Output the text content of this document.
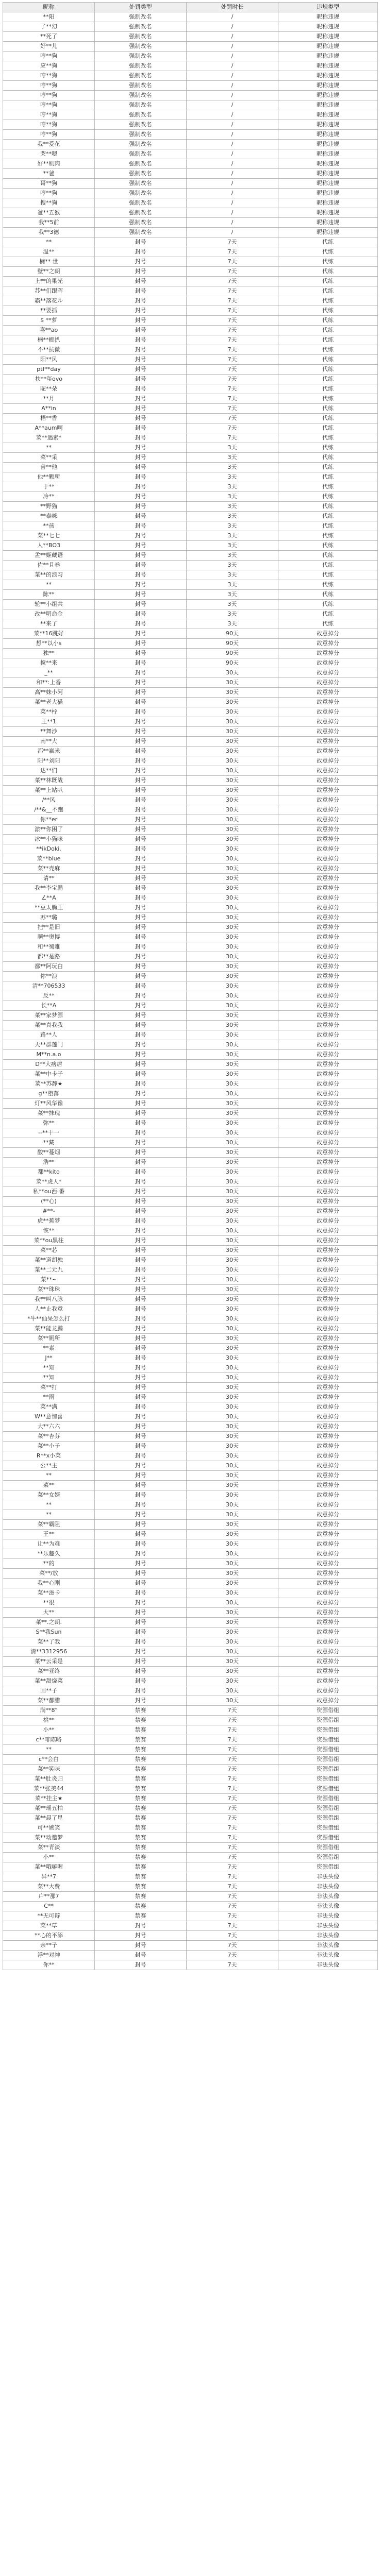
昵称	处罚类型	处罚时长	违规类型
**阳	强制改名	/	昵称违规
了**幻	强制改名	/	昵称违规
**死了	强制改名	/	昵称违规
好**儿	强制改名	/	昵称违规
哼**狗	强制改名	/	昵称违规
应**狗	强制改名	/	昵称违规
哼**狗	强制改名	/	昵称违规
哼**狗	强制改名	/	昵称违规
哼**狗	强制改名	/	昵称违规
哼**狗	强制改名	/	昵称违规
哼**狗	强制改名	/	昵称违规
哼**狗	强制改名	/	昵称违规
哼**狗	强制改名	/	昵称违规
我**爱花	强制改名	/	昵称违规
哭**嗯	强制改名	/	昵称违规
好**肌肉	强制改名	/	昵称违规
**爸	强制改名	/	昵称违规
哥**狗	强制改名	/	昵称违规
哼**狗	强制改名	/	昵称违规
搜**狗	强制改名	/	昵称违规
爸**五猴	强制改名	/	昵称违规
我**5前	强制改名	/	昵称违规
我**3德	强制改名	/	昵称违规
**	封号	7天	代练
温**	封号	7天	代练
楠** 世	封号	7天	代练
壁**之朗	封号	7天	代练
上**的果光	封号	7天	代练
苏**们跟晖	封号	7天	代练
霸**落花ル	封号	7天	代练
**要抓	封号	7天	代练
$ **萝	封号	7天	代练
喜**ao	封号	7天	代练
楠**棚扒	封号	7天	代练
不**抗微	封号	7天	代练
阳**风	封号	7天	代练
ptf**day	封号	7天	代练
扶**玺ovo	封号	7天	代练
昵**朵	封号	7天	代练
**月	封号	7天	代练
A**in	封号	7天	代练
梧**香	封号	7天	代练
A**aum啊	封号	7天	代练
菜**遇素*	封号	7天	代练
**	封号	3天	代练
菜**采	封号	3天	代练
曾**他	封号	3天	代练
他**颗所	封号	3天	代练
于**	封号	3天	代练
冷**	封号	3天	代练
**野猫	封号	3天	代练
**泰咪	封号	3天	代练
**孩	封号	3天	代练
菜**七七	封号	3天	代练
人**BO3	封号	3天	代练
孟**姬藏语	封号	3天	代练
佐**且卷	封号	3天	代练
菜**的浪习	封号	3天	代练
**	封号	3天	代练
陈**	封号	3天	代练
轮**小组共	封号	3天	代练
改**明命金	封号	3天	代练
**来了	封号	3天	代练
菜**16跳好	封号	90天	故意掉分
想**以小s	封号	90天	故意掉分
独**	封号	90天	故意掉分
搅**来	封号	90天	故意掉分
_**	封号	30天	故意掉分
和**:上香	封号	30天	故意掉分
高**妹小阿	封号	30天	故意掉分
菜**老大猫	封号	30天	故意掉分
菜**柠	封号	30天	故意掉分
王**1	封号	30天	故意掉分
**舞沙	封号	30天	故意掉分
南**大	封号	30天	故意掉分
都**赢米	封号	30天	故意掉分
阳**刘阳	封号	30天	故意掉分
达**们	封号	30天	故意掉分
菜**林既战	封号	30天	故意掉分
菜**上站叭	封号	30天	故意掉分
/**风	封号	30天	故意掉分
/**&__不跑	封号	30天	故意掉分
你**er	封号	30天	故意掉分
淤**你困了	封号	30天	故意掉分
冰**小猫咪	封号	30天	故意掉分
**ikDoki.	封号	30天	故意掉分
菜**blue	封号	30天	故意掉分
菜**壳麻	封号	30天	故意掉分
请**	封号	30天	故意掉分
我**李宝鹏	封号	30天	故意掉分
∠**A	封号	30天	故意掉分
**豆太腾王	封号	30天	故意掉分
苏**璐	封号	30天	故意掉分
把**是旧	封号	30天	故意掉分
顺**奥博	封号	30天	故意掉分
和**蜀雅	封号	30天	故意掉分
都**是路	封号	30天	故意掉分
都**阿玩白	封号	30天	故意掉分
你**浪	封号	30天	故意掉分
清**706533	封号	30天	故意掉分
反**	封号	30天	故意掉分
长**A	封号	30天	故意掉分
菜**家梦源	封号	30天	故意掉分
菜**真我我	封号	30天	故意掉分
路**人	封号	30天	故意掉分
天**群莲门	封号	30天	故意掉分
M**n.a.o	封号	30天	故意掉分
D**大痞痞	封号	30天	故意掉分
菜**中卡子	封号	30天	故意掉分
菜**苏静★	封号	30天	故意掉分
g**堕落	封号	30天	故意掉分
灯**风华豫	封号	30天	故意掉分
菜**抹瑰	封号	30天	故意掉分
弥**	封号	30天	故意掉分
--**十一	封号	30天	故意掉分
**藏	封号	30天	故意掉分
酸**蔓烟	封号	30天	故意掉分
浩**	封号	30天	故意掉分
都**kito	封号	30天	故意掉分
菜**虎人*	封号	30天	故意掉分
私**ou西·番	封号	30天	故意掉分
(**心)	封号	30天	故意掉分
#**-	封号	30天	故意掉分
虎**蕉梦	封号	30天	故意掉分
恢**	封号	30天	故意掉分
菜**ou黑柱	封号	30天	故意掉分
菜**芯	封号	30天	故意掉分
菜**道胡独	封号	30天	故意掉分
菜**二元九	封号	30天	故意掉分
菜**~	封号	30天	故意掉分
菜**珠珠	封号	30天	故意掉分
我**叫八脉	封号	30天	故意掉分
人**止我意	封号	30天	故意掉分
*牛**仙呆怎么打	封号	30天	故意掉分
菜**能龙鹏	封号	30天	故意掉分
菜**厕所	封号	30天	故意掉分
**素	封号	30天	故意掉分
J**	封号	30天	故意掉分
**知	封号	30天	故意掉分
**知	封号	30天	故意掉分
菜**打	封号	30天	故意掉分
**雨	封号	30天	故意掉分
菜**满	封号	30天	故意掉分
W**意惊喜	封号	30天	故意掉分
大**六六	封号	30天	故意掉分
菜**杏芬	封号	30天	故意掉分
菜**小子	封号	30天	故意掉分
R**x小菜	封号	30天	故意掉分
公**主	封号	30天	故意掉分
**	封号	30天	故意掉分
菜**	封号	30天	故意掉分
菜**女婿	封号	30天	故意掉分
**	封号	30天	故意掉分
**	封号	30天	故意掉分
菜**霸阻	封号	30天	故意掉分
王**	封号	30天	故意掉分
让**为难	封号	30天	故意掉分
**乐趣久	封号	30天	故意掉分
**的	封号	30天	故意掉分
菜**/放	封号	30天	故意掉分
我**心刚	封号	30天	故意掉分
菜**滋卡	封号	30天	故意掉分
**很	封号	30天	故意掉分
大**	封号	30天	故意掉分
菜**.之朗.	封号	30天	故意掉分
S**我Sun	封号	30天	故意掉分
菜**了我	封号	30天	故意掉分
清**3312956	封号	30天	故意掉分
菜**云采是	封号	30天	故意掉分
菜**亚终	封号	30天	故意掉分
菜**甜烧菜	封号	30天	故意掉分
回**子	封号	30天	故意掉分
菜**都腊	封号	30天	故意掉分
满**8"	禁赛	7天	资源借组
桃**	禁赛	7天	资源借组
小**	禁赛	7天	资源借组
c**啡陈略	禁赛	7天	资源借组
**	禁赛	7天	资源借组
c**会白	禁赛	7天	资源借组
菜**笑咪	禁赛	7天	资源借组
菜**肚炎归	禁赛	7天	资源借组
菜**张美44	禁赛	7天	资源借组
菜**挂主★	禁赛	7天	资源借组
菜**瑶五柏	禁赛	7天	资源借组
菜**晨了星	禁赛	7天	资源借组
可**婉笑	禁赛	7天	资源借组
菜**动邀梦	禁赛	7天	资源借组
菜**青淡	禁赛	7天	资源借组
小**	禁赛	7天	资源借组
菜**哦嘛喔	禁赛	7天	资源借组
异**7	禁赛	7天	非法头像
菜**大费	禁赛	7天	非法头像
户**那7	禁赛	7天	非法头像
C**	禁赛	7天	非法头像
**无可辩	禁赛	7天	非法头像
菜**草	封号	7天	非法头像
**心的平添	封号	7天	非法头像
亲**子	封号	7天	非法头像
浮**对神	封号	7天	非法头像
你**	封号	7天	非法头像
